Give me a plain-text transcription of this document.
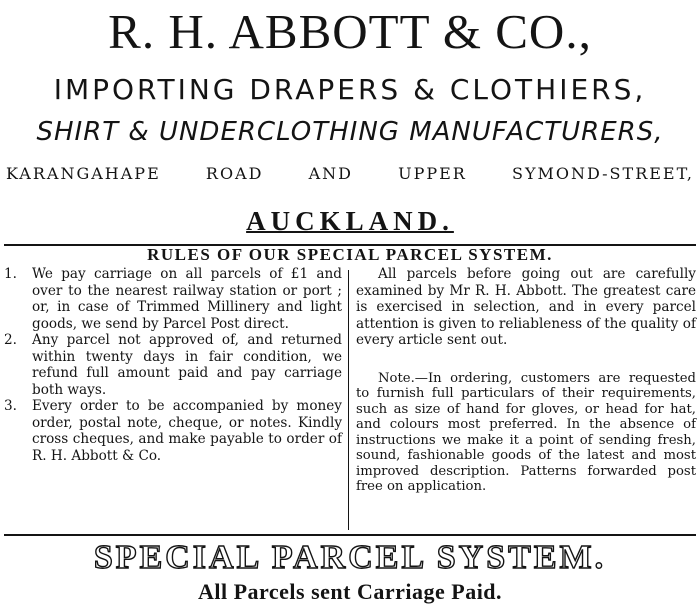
R. H. ABBOTT & CO.,
IMPORTING DRAPERS & CLOTHIERS,
SHIRT & UNDERCLOTHING MANUFACTURERS,
KARANGAHAPE	ROAD	AND	UPPER	SYMOND-STREET,
AUCKLAND.
RULES OF OUR SPECIAL PARCEL SYSTEM.
1. We pay carriage on all parcels of £1 and over to the nearest railway station or port ; or, in case of Trimmed Millinery and light goods, we send by Parcel Post direct.
2. Any parcel not approved of, and returned within twenty days in fair condition, we refund full amount paid and pay carriage both ways.
3. Every order to be accompanied by money order, postal note, cheque, or notes. Kindly cross cheques, and make payable to order of R. H. Abbott & Co.
All parcels before going out are carefully examined by Mr R. H. Abbott. The greatest care is exercised in selection, and in every parcel attention is given to reliableness of the quality of every article sent out.
Note.—In ordering, customers are requested to furnish full particulars of their requirements, such as size of hand for gloves, or head for hat, and colours most preferred. In the absence of instructions we make it a point of sending fresh, sound, fashionable goods of the latest and most improved description. Patterns forwarded post free on application.
SPECIAL PARCEL SYSTEM.
All Parcels sent Carriage Paid.
